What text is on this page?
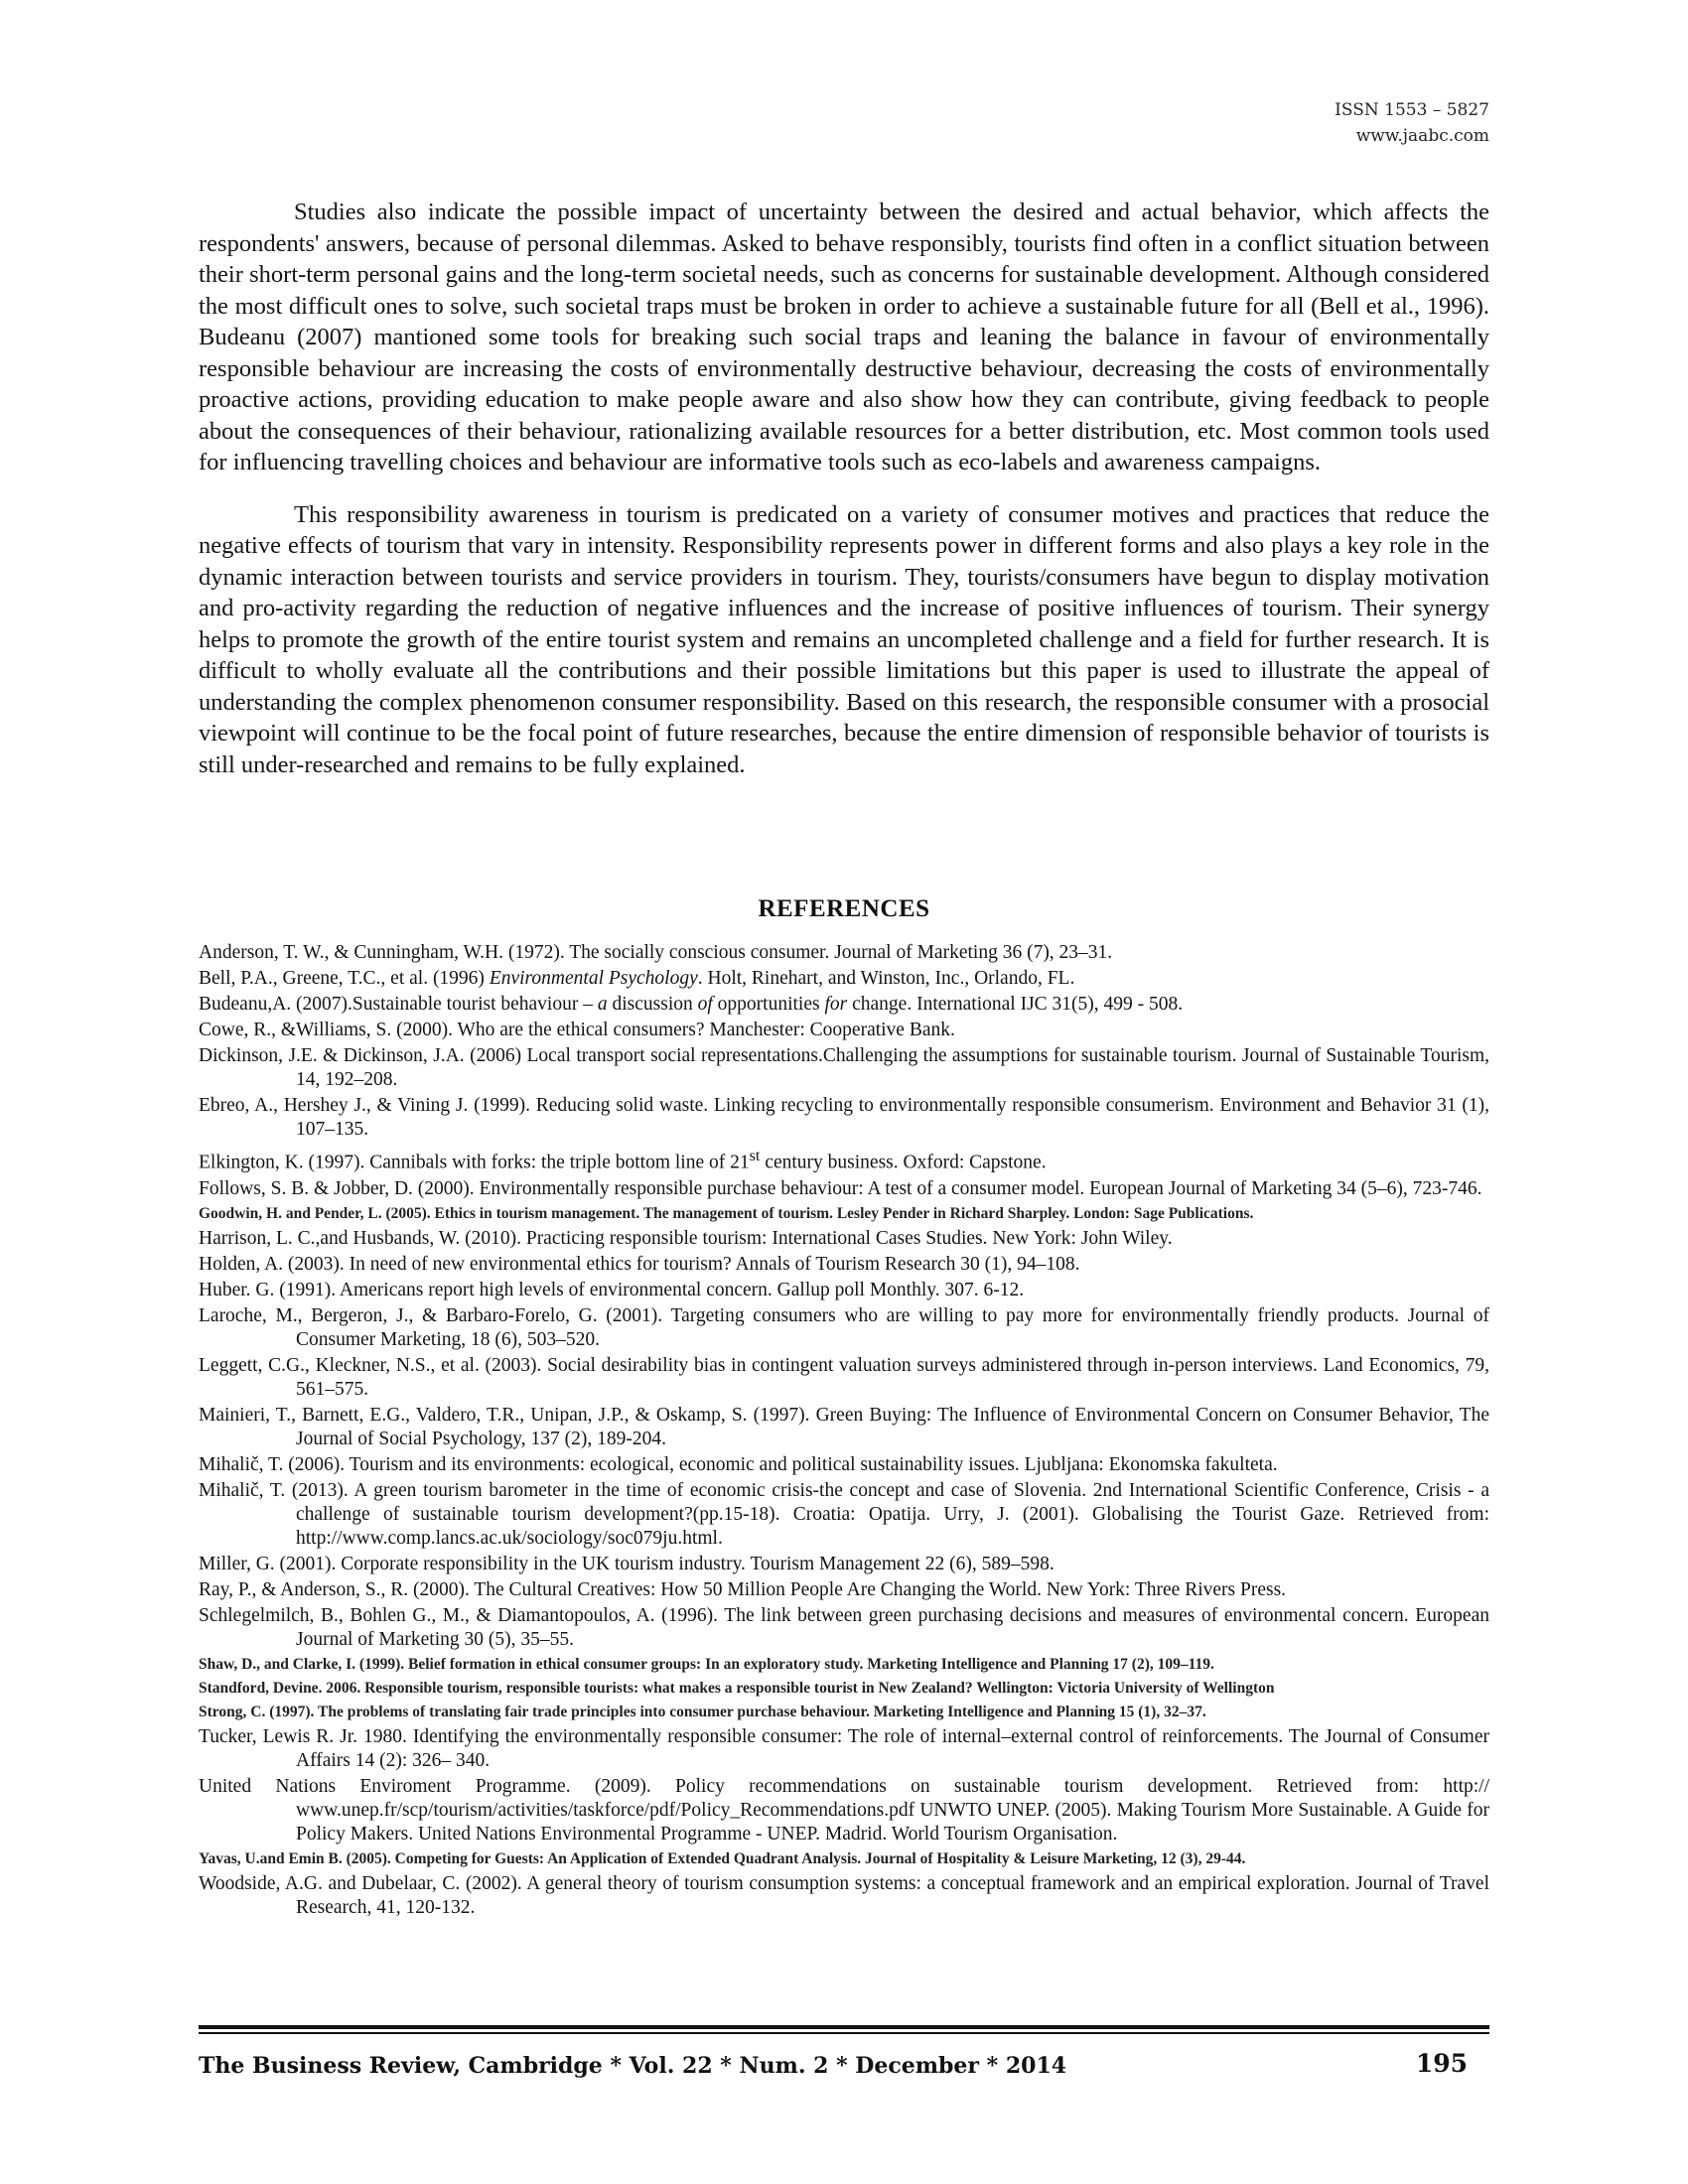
ISSN 1553 – 5827
www.jaabc.com

Studies also indicate the possible impact of uncertainty between the desired and actual behavior, which affects the respondents' answers, because of personal dilemmas. Asked to behave responsibly, tourists find often in a conflict situation between their short-term personal gains and the long-term societal needs, such as concerns for sustainable development. Although considered the most difficult ones to solve, such societal traps must be broken in order to achieve a sustainable future for all (Bell et al., 1996). Budeanu (2007) mantioned some tools for breaking such social traps and leaning the balance in favour of environmentally responsible behaviour are increasing the costs of environmentally destructive behaviour, decreasing the costs of environmentally proactive actions, providing education to make people aware and also show how they can contribute, giving feedback to people about the consequences of their behaviour, rationalizing available resources for a better distribution, etc. Most common tools used for influencing travelling choices and behaviour are informative tools such as eco-labels and awareness campaigns.

This responsibility awareness in tourism is predicated on a variety of consumer motives and practices that reduce the negative effects of tourism that vary in intensity. Responsibility represents power in different forms and also plays a key role in the dynamic interaction between tourists and service providers in tourism. They, tourists/consumers have begun to display motivation and pro-activity regarding the reduction of negative influences and the increase of positive influences of tourism. Their synergy helps to promote the growth of the entire tourist system and remains an uncompleted challenge and a field for further research. It is difficult to wholly evaluate all the contributions and their possible limitations but this paper is used to illustrate the appeal of understanding the complex phenomenon consumer responsibility. Based on this research, the responsible consumer with a prosocial viewpoint will continue to be the focal point of future researches, because the entire dimension of responsible behavior of tourists is still under-researched and remains to be fully explained.

REFERENCES
Anderson, T. W., & Cunningham, W.H. (1972). The socially conscious consumer. Journal of Marketing 36 (7), 23–31.
Bell, P.A., Greene, T.C., et al. (1996) Environmental Psychology. Holt, Rinehart, and Winston, Inc., Orlando, FL.
Budeanu,A. (2007).Sustainable tourist behaviour – a discussion of opportunities for change. International IJC 31(5), 499 - 508.
Cowe, R., &Williams, S. (2000). Who are the ethical consumers? Manchester: Cooperative Bank.
Dickinson, J.E. & Dickinson, J.A. (2006) Local transport social representations.Challenging the assumptions for sustainable tourism. Journal of Sustainable Tourism, 14, 192–208.
Ebreo, A., Hershey J., & Vining J. (1999). Reducing solid waste. Linking recycling to environmentally responsible consumerism. Environment and Behavior 31 (1), 107–135.
Elkington, K. (1997). Cannibals with forks: the triple bottom line of 21st century business. Oxford: Capstone.
Follows, S. B. & Jobber, D. (2000). Environmentally responsible purchase behaviour: A test of a consumer model. European Journal of Marketing 34 (5–6), 723-746.
Goodwin, H. and Pender, L. (2005). Ethics in tourism management. The management of tourism. Lesley Pender in Richard Sharpley. London: Sage Publications.
Harrison, L. C.,and Husbands, W. (2010). Practicing responsible tourism: International Cases Studies. New York: John Wiley.
Holden, A. (2003). In need of new environmental ethics for tourism? Annals of Tourism Research 30 (1), 94–108.
Huber. G. (1991). Americans report high levels of environmental concern. Gallup poll Monthly. 307. 6-12.
Laroche, M., Bergeron, J., & Barbaro-Forelo, G. (2001). Targeting consumers who are willing to pay more for environmentally friendly products. Journal of Consumer Marketing, 18 (6), 503–520.
Leggett, C.G., Kleckner, N.S., et al. (2003). Social desirability bias in contingent valuation surveys administered through in-person interviews. Land Economics, 79, 561–575.
Mainieri, T., Barnett, E.G., Valdero, T.R., Unipan, J.P., & Oskamp, S. (1997). Green Buying: The Influence of Environmental Concern on Consumer Behavior, The Journal of Social Psychology, 137 (2), 189-204.
Mihalič, T. (2006). Tourism and its environments: ecological, economic and political sustainability issues. Ljubljana: Ekonomska fakulteta.
Mihalič, T. (2013). A green tourism barometer in the time of economic crisis-the concept and case of Slovenia. 2nd International Scientific Conference, Crisis - a challenge of sustainable tourism development?(pp.15-18). Croatia: Opatija. Urry, J. (2001). Globalising the Tourist Gaze. Retrieved from: http://www.comp.lancs.ac.uk/sociology/soc079ju.html.
Miller, G. (2001). Corporate responsibility in the UK tourism industry. Tourism Management 22 (6), 589–598.
Ray, P., & Anderson, S., R. (2000). The Cultural Creatives: How 50 Million People Are Changing the World. New York: Three Rivers Press.
Schlegelmilch, B., Bohlen G., M., & Diamantopoulos, A. (1996). The link between green purchasing decisions and measures of environmental concern. European Journal of Marketing 30 (5), 35–55.
Shaw, D., and Clarke, I. (1999). Belief formation in ethical consumer groups: In an exploratory study. Marketing Intelligence and Planning 17 (2), 109–119.
Standford, Devine. 2006. Responsible tourism, responsible tourists: what makes a responsible tourist in New Zealand? Wellington: Victoria University of Wellington
Strong, C. (1997). The problems of translating fair trade principles into consumer purchase behaviour. Marketing Intelligence and Planning 15 (1), 32–37.
Tucker, Lewis R. Jr. 1980. Identifying the environmentally responsible consumer: The role of internal–external control of reinforcements. The Journal of Consumer Affairs 14 (2): 326– 340.
United Nations Enviroment Programme. (2009). Policy recommendations on sustainable tourism development. Retrieved from: http:// www.unep.fr/scp/tourism/activities/taskforce/pdf/Policy_Recommendations.pdf UNWTO UNEP. (2005). Making Tourism More Sustainable. A Guide for Policy Makers. United Nations Environmental Programme - UNEP. Madrid. World Tourism Organisation.
Yavas, U.and Emin B. (2005). Competing for Guests: An Application of Extended Quadrant Analysis. Journal of Hospitality & Leisure Marketing, 12 (3), 29-44.
Woodside, A.G. and Dubelaar, C. (2002). A general theory of tourism consumption systems: a conceptual framework and an empirical exploration. Journal of Travel Research, 41, 120-132.
The Business Review, Cambridge * Vol. 22 * Num. 2 * December * 2014	195
